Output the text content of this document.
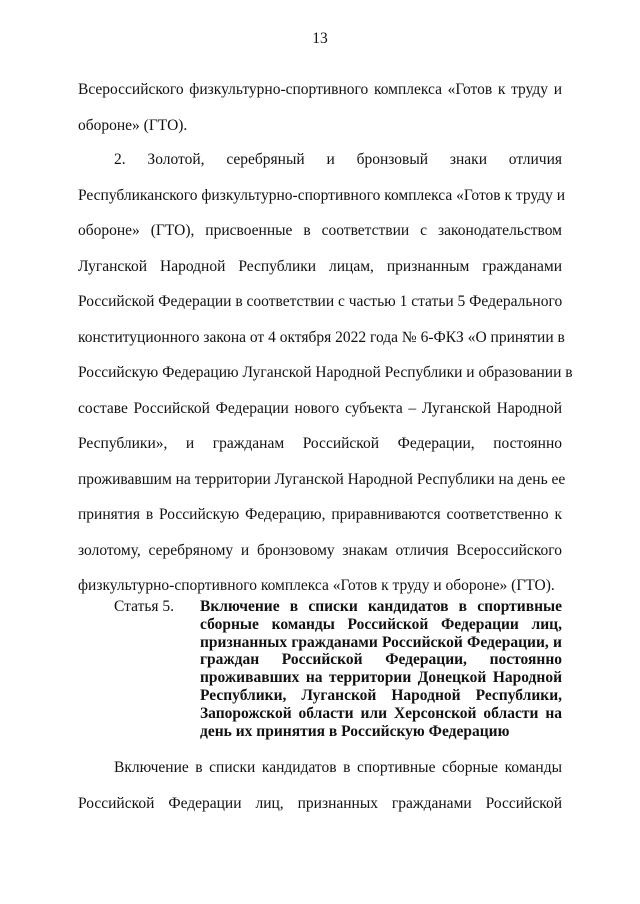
13
Всероссийского физкультурно-спортивного комплекса «Готов к труду и
обороне» (ГТО).
2. Золотой, серебряный и бронзовый знаки отличия
Республиканского физкультурно-спортивного комплекса «Готов к труду и
обороне» (ГТО), присвоенные в соответствии с законодательством
Луганской Народной Республики лицам, признанным гражданами
Российской Федерации в соответствии с частью 1 статьи 5 Федерального
конституционного закона от 4 октября 2022 года № 6-ФКЗ «О принятии в
Российскую Федерацию Луганской Народной Республики и образовании в
составе Российской Федерации нового субъекта – Луганской Народной
Республики», и гражданам Российской Федерации, постоянно
проживавшим на территории Луганской Народной Республики на день ее
принятия в Российскую Федерацию, приравниваются соответственно к
золотому, серебряному и бронзовому знакам отличия Всероссийского
физкультурно-спортивного комплекса «Готов к труду и обороне» (ГТО).
Статья 5. Включение в списки кандидатов в спортивные
сборные команды Российской Федерации лиц,
признанных гражданами Российской Федерации, и
граждан Российской Федерации, постоянно
проживавших на территории Донецкой Народной
Республики, Луганской Народной Республики,
Запорожской области или Херсонской области на
день их принятия в Российскую Федерацию
Включение в списки кандидатов в спортивные сборные команды
Российской Федерации лиц, признанных гражданами Российской
